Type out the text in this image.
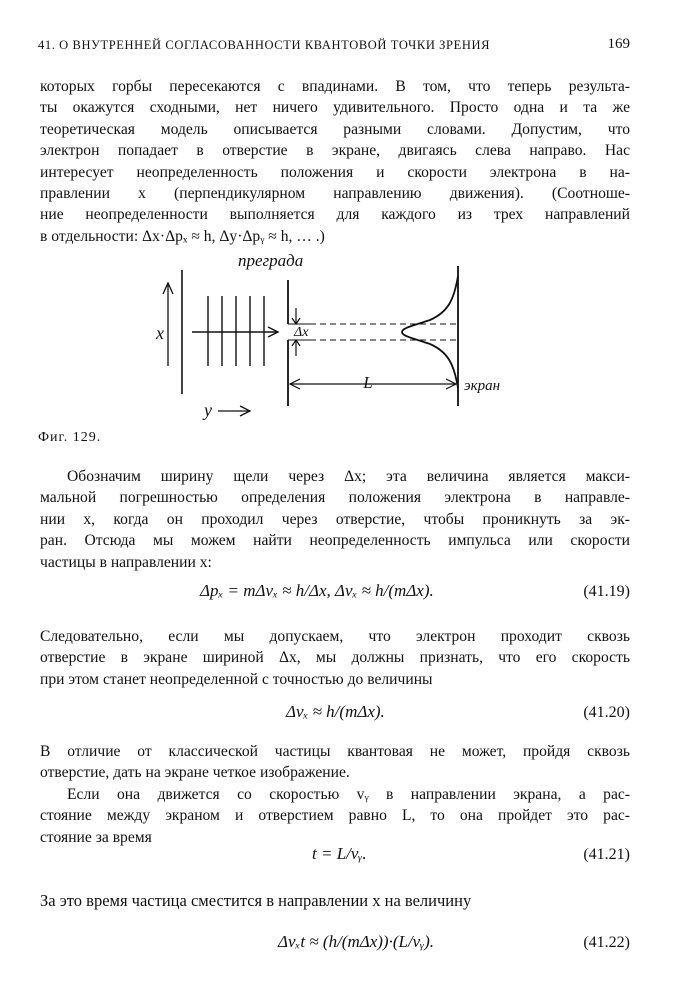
41. О ВНУТРЕННЕЙ СОГЛАСОВАННОСТИ КВАНТОВОЙ ТОЧКИ ЗРЕНИЯ	169

которых горбы пересекаются с впадинами. В том, что теперь результа-
ты окажутся сходными, нет ничего удивительного. Просто одна и та же
теоретическая модель описывается разными словами. Допустим, что
электрон попадает в отверстие в экране, двигаясь слева направо. Нас
интересует неопределенность положения и скорости электрона в на-
правлении x (перпендикулярном направлению движения). (Соотноше-
ние неопределенности выполняется для каждого из трех направлений
в отдельности: Δx·Δpₓ ≈ h, Δy·Δpᵧ ≈ h, … .)

преграда
x	Δx
L	экран
y
Фиг. 129.

Обозначим ширину щели через Δx; эта величина является макси-
мальной погрешностью определения положения электрона в направле-
нии x, когда он проходил через отверстие, чтобы проникнуть за эк-
ран. Отсюда мы можем найти неопределенность импульса или скорости
частицы в направлении x:

Δpₓ = mΔvₓ ≈ h/Δx, Δvₓ ≈ h/(mΔx).	(41.19)

Следовательно, если мы допускаем, что электрон проходит сквозь
отверстие в экране шириной Δx, мы должны признать, что его скорость
при этом станет неопределенной с точностью до величины

Δvₓ ≈ h/(mΔx).	(41.20)

В отличие от классической частицы квантовая не может, пройдя сквозь
отверстие, дать на экране четкое изображение.

Если она движется со скоростью vᵧ в направлении экрана, а рас-
стояние между экраном и отверстием равно L, то она пройдет это рас-
стояние за время

t = L/vᵧ.	(41.21)

За это время частица сместится в направлении x на величину

Δvₓt ≈ (h/(mΔx))·(L/vᵧ).	(41.22)
